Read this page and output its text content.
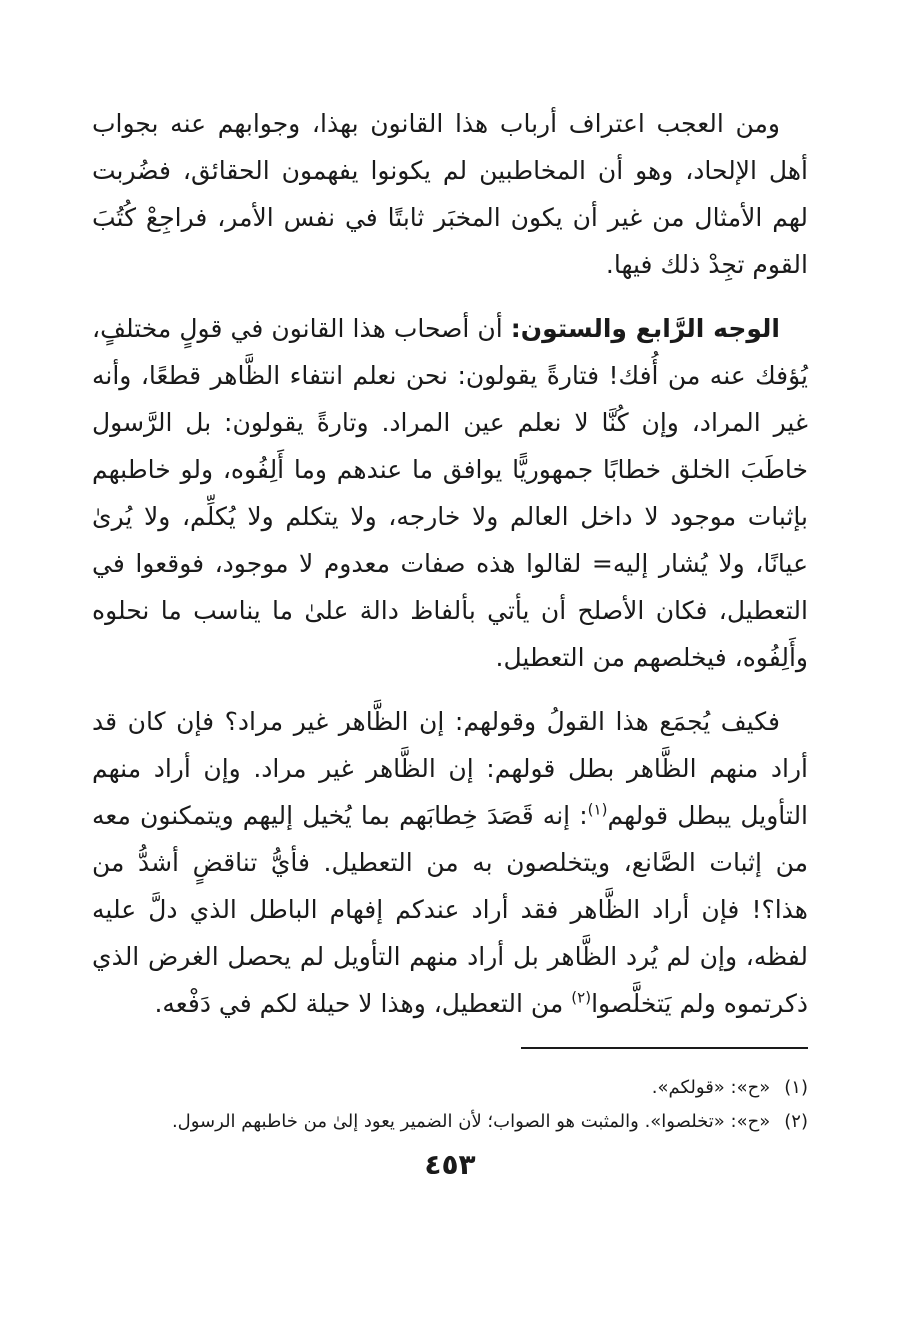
ومن العجب اعتراف أرباب هذا القانون بهذا، وجوابهم عنه بجواب أهل الإلحاد، وهو أن المخاطبين لم يكونوا يفهمون الحقائق، فضُربت لهم الأمثال من غير أن يكون المخبَر ثابتًا في نفس الأمر، فراجِعْ كُتُبَ القوم تجِدْ ذلك فيها.

الوجه الرَّابع والستون: أن أصحاب هذا القانون في قولٍ مختلفٍ، يُؤفك عنه من أُفك! فتارةً يقولون: نحن نعلم انتفاء الظَّاهر قطعًا، وأنه غير المراد، وإن كُنَّا لا نعلم عين المراد. وتارةً يقولون: بل الرَّسول خاطَبَ الخلق خطابًا جمهوريًّا يوافق ما عندهم وما أَلِفُوه، ولو خاطبهم بإثبات موجود لا داخل العالم ولا خارجه، ولا يتكلم ولا يُكلِّم، ولا يُرىٰ عيانًا، ولا يُشار إليه= لقالوا هذه صفات معدوم لا موجود، فوقعوا في التعطيل، فكان الأصلح أن يأتي بألفاظ دالة علىٰ ما يناسب ما نحلوه وأَلِفُوه، فيخلصهم من التعطيل.

فكيف يُجمَع هذا القولُ وقولهم: إن الظَّاهر غير مراد؟ فإن كان قد أراد منهم الظَّاهر بطل قولهم: إن الظَّاهر غير مراد. وإن أراد منهم التأويل يبطل قولهم$^{(١)}$: إنه قَصَدَ خِطابَهم بما يُخيل إليهم ويتمكنون معه من إثبات الصَّانع، ويتخلصون به من التعطيل. فأيُّ تناقضٍ أشدُّ من هذا؟! فإن أراد الظَّاهر فقد أراد عندكم إفهام الباطل الذي دلَّ عليه لفظه، وإن لم يُرد الظَّاهر بل أراد منهم التأويل لم يحصل الغرض الذي ذكرتموه ولم يَتخلَّصوا$^{(٢)}$ من التعطيل، وهذا لا حيلة لكم في دَفْعه.

(١)«ح»: «قولكم».

(٢)«ح»: «تخلصوا». والمثبت هو الصواب؛ لأن الضمير يعود إلىٰ من خاطبهم الرسول.

٤٥٣
